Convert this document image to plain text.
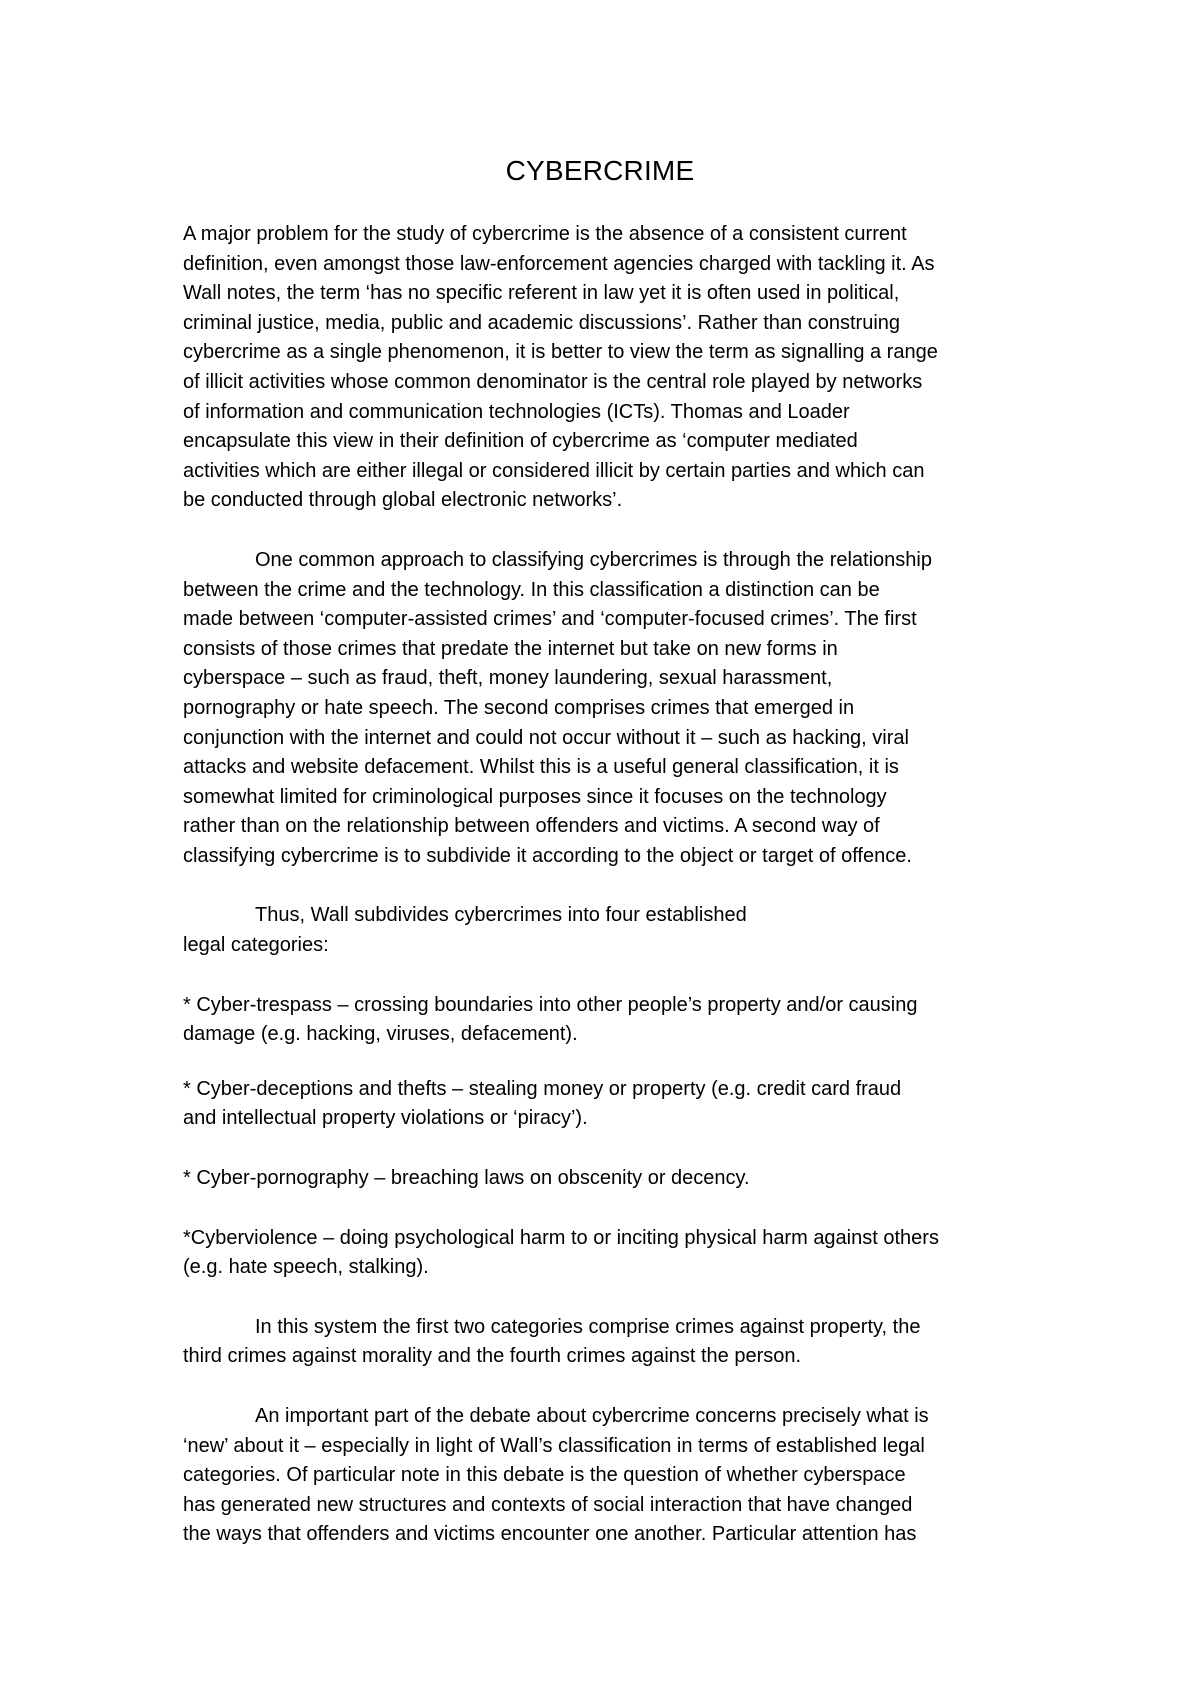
CYBERCRIME
A major problem for the study of cybercrime is the absence of a consistent current
definition, even amongst those law-enforcement agencies charged with tackling it. As
Wall notes, the term ‘has no specific referent in law yet it is often used in political,
criminal justice, media, public and academic discussions’. Rather than construing
cybercrime as a single phenomenon, it is better to view the term as signalling a range
of illicit activities whose common denominator is the central role played by networks
of information and communication technologies (ICTs). Thomas and Loader
encapsulate this view in their definition of cybercrime as ‘computer mediated
activities which are either illegal or considered illicit by certain parties and which can
be conducted through global electronic networks’.
One common approach to classifying cybercrimes is through the relationship
between the crime and the technology. In this classification a distinction can be
made between ‘computer-assisted crimes’ and ‘computer-focused crimes’. The first
consists of those crimes that predate the internet but take on new forms in
cyberspace – such as fraud, theft, money laundering, sexual harassment,
pornography or hate speech. The second comprises crimes that emerged in
conjunction with the internet and could not occur without it – such as hacking, viral
attacks and website defacement. Whilst this is a useful general classification, it is
somewhat limited for criminological purposes since it focuses on the technology
rather than on the relationship between offenders and victims. A second way of
classifying cybercrime is to subdivide it according to the object or target of offence.
Thus, Wall subdivides cybercrimes into four established
legal categories:
* Cyber-trespass – crossing boundaries into other people’s property and/or causing
damage (e.g. hacking, viruses, defacement).
* Cyber-deceptions and thefts – stealing money or property (e.g. credit card fraud
and intellectual property violations or ‘piracy’).
* Cyber-pornography – breaching laws on obscenity or decency.
*Cyberviolence – doing psychological harm to or inciting physical harm against others
(e.g. hate speech, stalking).
In this system the first two categories comprise crimes against property, the
third crimes against morality and the fourth crimes against the person.
An important part of the debate about cybercrime concerns precisely what is
‘new’ about it – especially in light of Wall’s classification in terms of established legal
categories. Of particular note in this debate is the question of whether cyberspace
has generated new structures and contexts of social interaction that have changed
the ways that offenders and victims encounter one another. Particular attention has
